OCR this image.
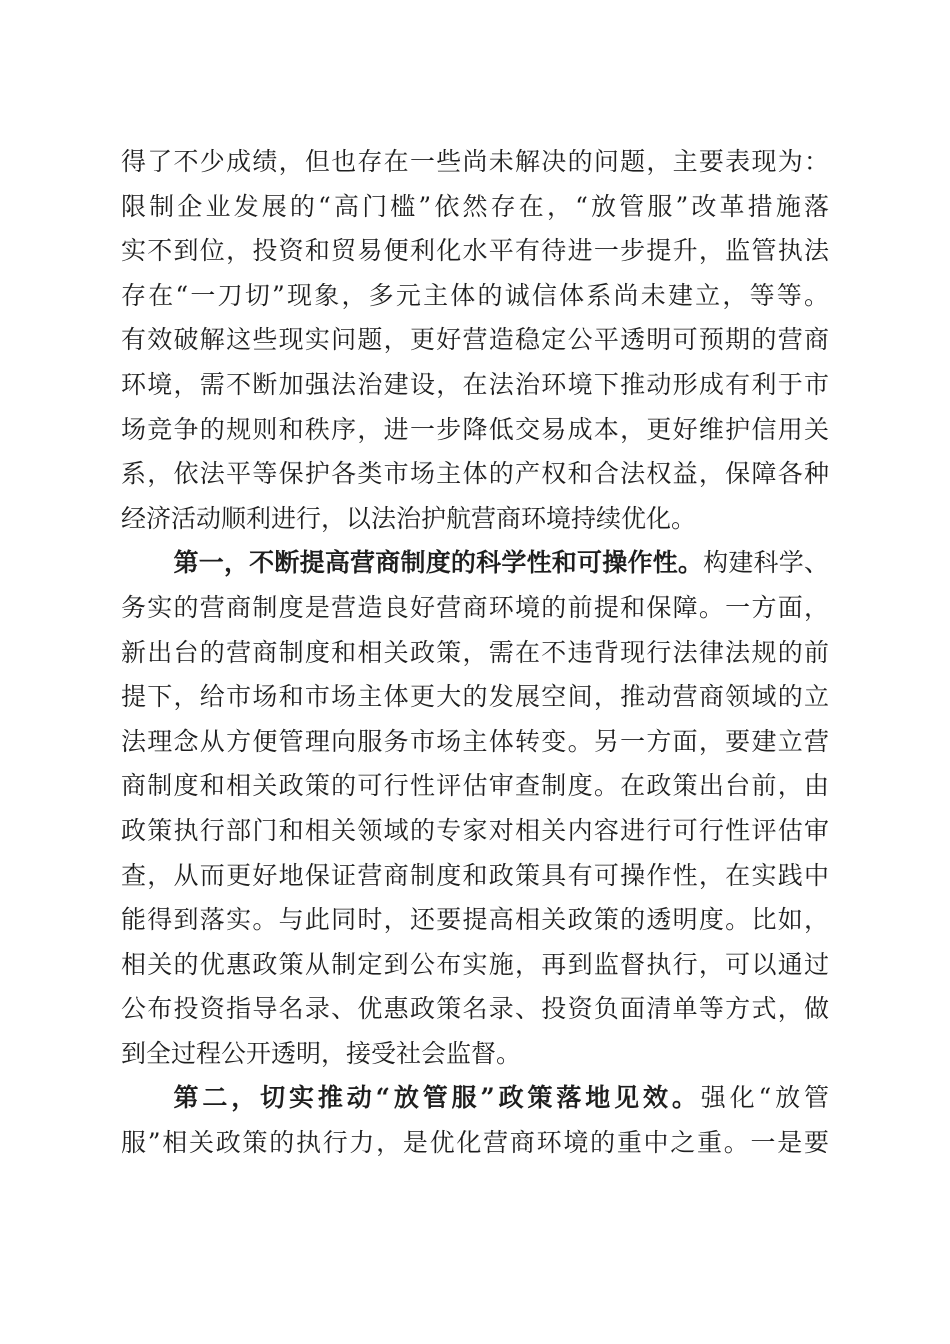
得了不少成绩，但也存在一些尚未解决的问题，主要表现为：
限制企业发展的“高门槛”依然存在，“放管服”改革措施落
实不到位，投资和贸易便利化水平有待进一步提升，监管执法
存在“一刀切”现象，多元主体的诚信体系尚未建立，等等。
有效破解这些现实问题，更好营造稳定公平透明可预期的营商
环境，需不断加强法治建设，在法治环境下推动形成有利于市
场竞争的规则和秩序，进一步降低交易成本，更好维护信用关
系，依法平等保护各类市场主体的产权和合法权益，保障各种
经济活动顺利进行，以法治护航营商环境持续优化。
第一，不断提高营商制度的科学性和可操作性。构建科学、
务实的营商制度是营造良好营商环境的前提和保障。一方面，
新出台的营商制度和相关政策，需在不违背现行法律法规的前
提下，给市场和市场主体更大的发展空间，推动营商领域的立
法理念从方便管理向服务市场主体转变。另一方面，要建立营
商制度和相关政策的可行性评估审查制度。在政策出台前，由
政策执行部门和相关领域的专家对相关内容进行可行性评估审
查，从而更好地保证营商制度和政策具有可操作性，在实践中
能得到落实。与此同时，还要提高相关政策的透明度。比如，
相关的优惠政策从制定到公布实施，再到监督执行，可以通过
公布投资指导名录、优惠政策名录、投资负面清单等方式，做
到全过程公开透明，接受社会监督。
第二，切实推动“放管服”政策落地见效。强化“放管
服”相关政策的执行力，是优化营商环境的重中之重。一是要
